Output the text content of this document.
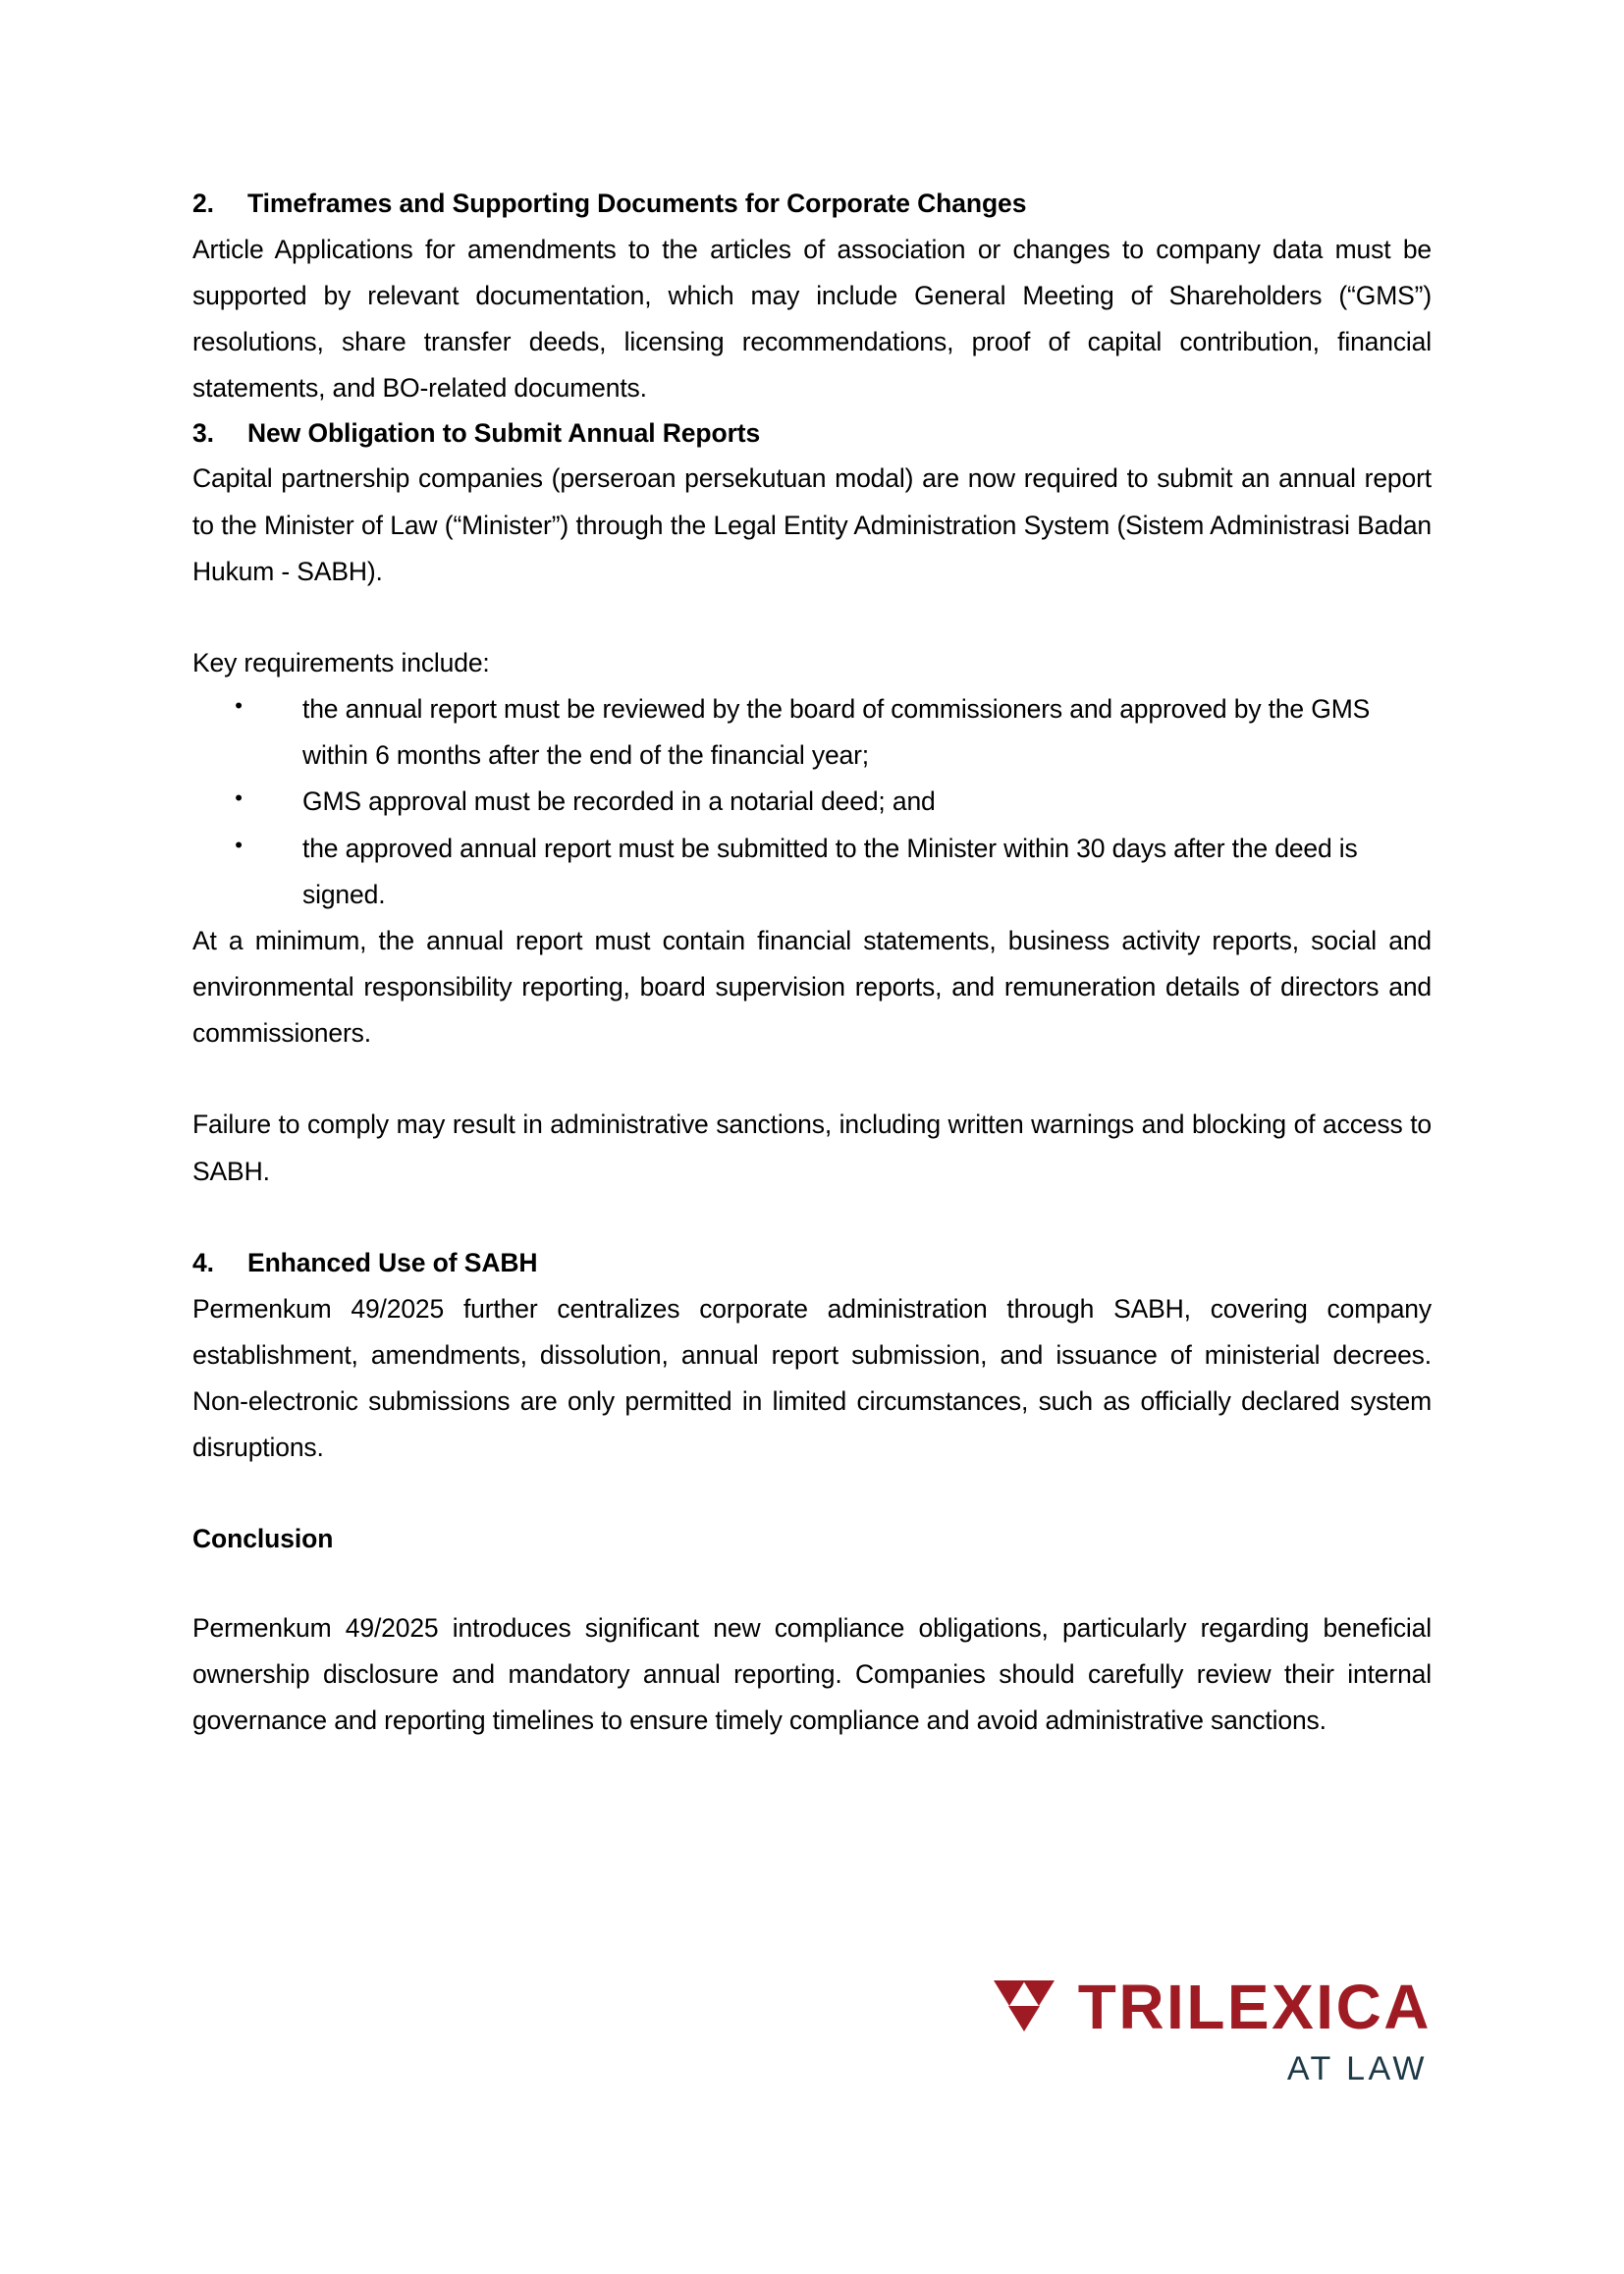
2.	Timeframes and Supporting Documents for Corporate Changes

Article Applications for amendments to the articles of association or changes to company data must be supported by relevant documentation, which may include General Meeting of Shareholders (“GMS”) resolutions, share transfer deeds, licensing recommendations, proof of capital contribution, financial statements, and BO-related documents.

3.	New Obligation to Submit Annual Reports

Capital partnership companies (perseroan persekutuan modal) are now required to submit an annual report to the Minister of Law (“Minister”) through the Legal Entity Administration System (Sistem Administrasi Badan Hukum - SABH).

Key requirements include:

• the annual report must be reviewed by the board of commissioners and approved by the GMS within 6 months after the end of the financial year;
• GMS approval must be recorded in a notarial deed; and
• the approved annual report must be submitted to the Minister within 30 days after the deed is signed.

At a minimum, the annual report must contain financial statements, business activity reports, social and environmental responsibility reporting, board supervision reports, and remuneration details of directors and commissioners.

Failure to comply may result in administrative sanctions, including written warnings and blocking of access to SABH.

4.	Enhanced Use of SABH

Permenkum 49/2025 further centralizes corporate administration through SABH, covering company establishment, amendments, dissolution, annual report submission, and issuance of ministerial decrees. Non-electronic submissions are only permitted in limited circumstances, such as officially declared system disruptions.

Conclusion

Permenkum 49/2025 introduces significant new compliance obligations, particularly regarding beneficial ownership disclosure and mandatory annual reporting. Companies should carefully review their internal governance and reporting timelines to ensure timely compliance and avoid administrative sanctions.

TRILEXICA
AT LAW
